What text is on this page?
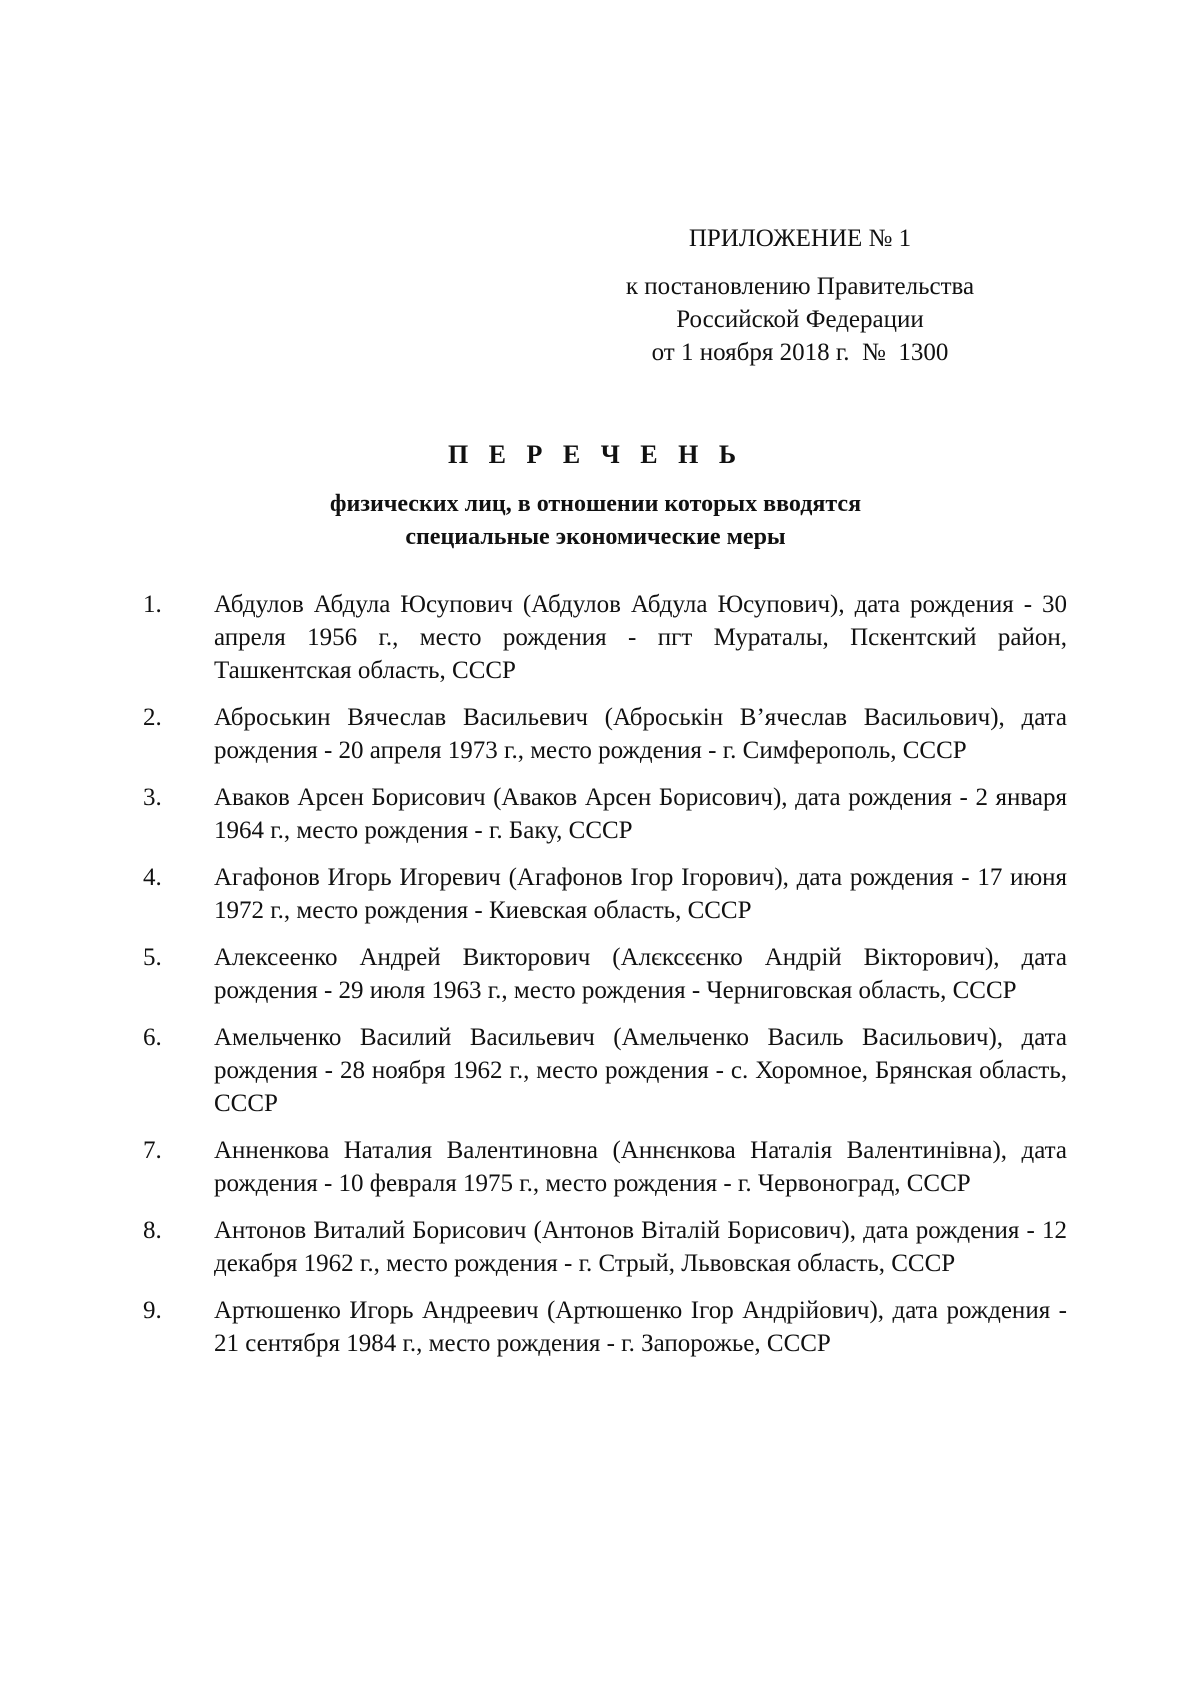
ПРИЛОЖЕНИЕ № 1
к постановлению Правительства
Российской Федерации
от 1 ноября 2018 г.  №  1300
П Е Р Е Ч Е Н Ь
физических лиц, в отношении которых вводятся
специальные экономические меры
1. Абдулов Абдула Юсупович (Абдулов Абдула Юсупович), дата рождения - 30 апреля 1956 г., место рождения - пгт Мураталы, Пскентский район, Ташкентская область, СССР
2. Аброськин Вячеслав Васильевич (Аброськін В’ячеслав Васильович), дата рождения - 20 апреля 1973 г., место рождения - г. Симферополь, СССР
3. Аваков Арсен Борисович (Аваков Арсен Борисович), дата рождения - 2 января 1964 г., место рождения - г. Баку, СССР
4. Агафонов Игорь Игоревич (Агафонов Ігор Ігорович), дата рождения - 17 июня 1972 г., место рождения - Киевская область, СССР
5. Алексеенко Андрей Викторович (Алєксєєнко Андрій Вікторович), дата рождения - 29 июля 1963 г., место рождения - Черниговская область, СССР
6. Амельченко Василий Васильевич (Амельченко Василь Васильович), дата рождения - 28 ноября 1962 г., место рождения - с. Хоромное, Брянская область, СССР
7. Анненкова Наталия Валентиновна (Аннєнкова Наталія Валентинівна), дата рождения - 10 февраля 1975 г., место рождения - г. Червоноград, СССР
8. Антонов Виталий Борисович (Антонов Віталій Борисович), дата рождения - 12 декабря 1962 г., место рождения - г. Стрый, Львовская область, СССР
9. Артюшенко Игорь Андреевич (Артюшенко Ігор Андрійович), дата рождения - 21 сентября 1984 г., место рождения - г. Запорожье, СССР
